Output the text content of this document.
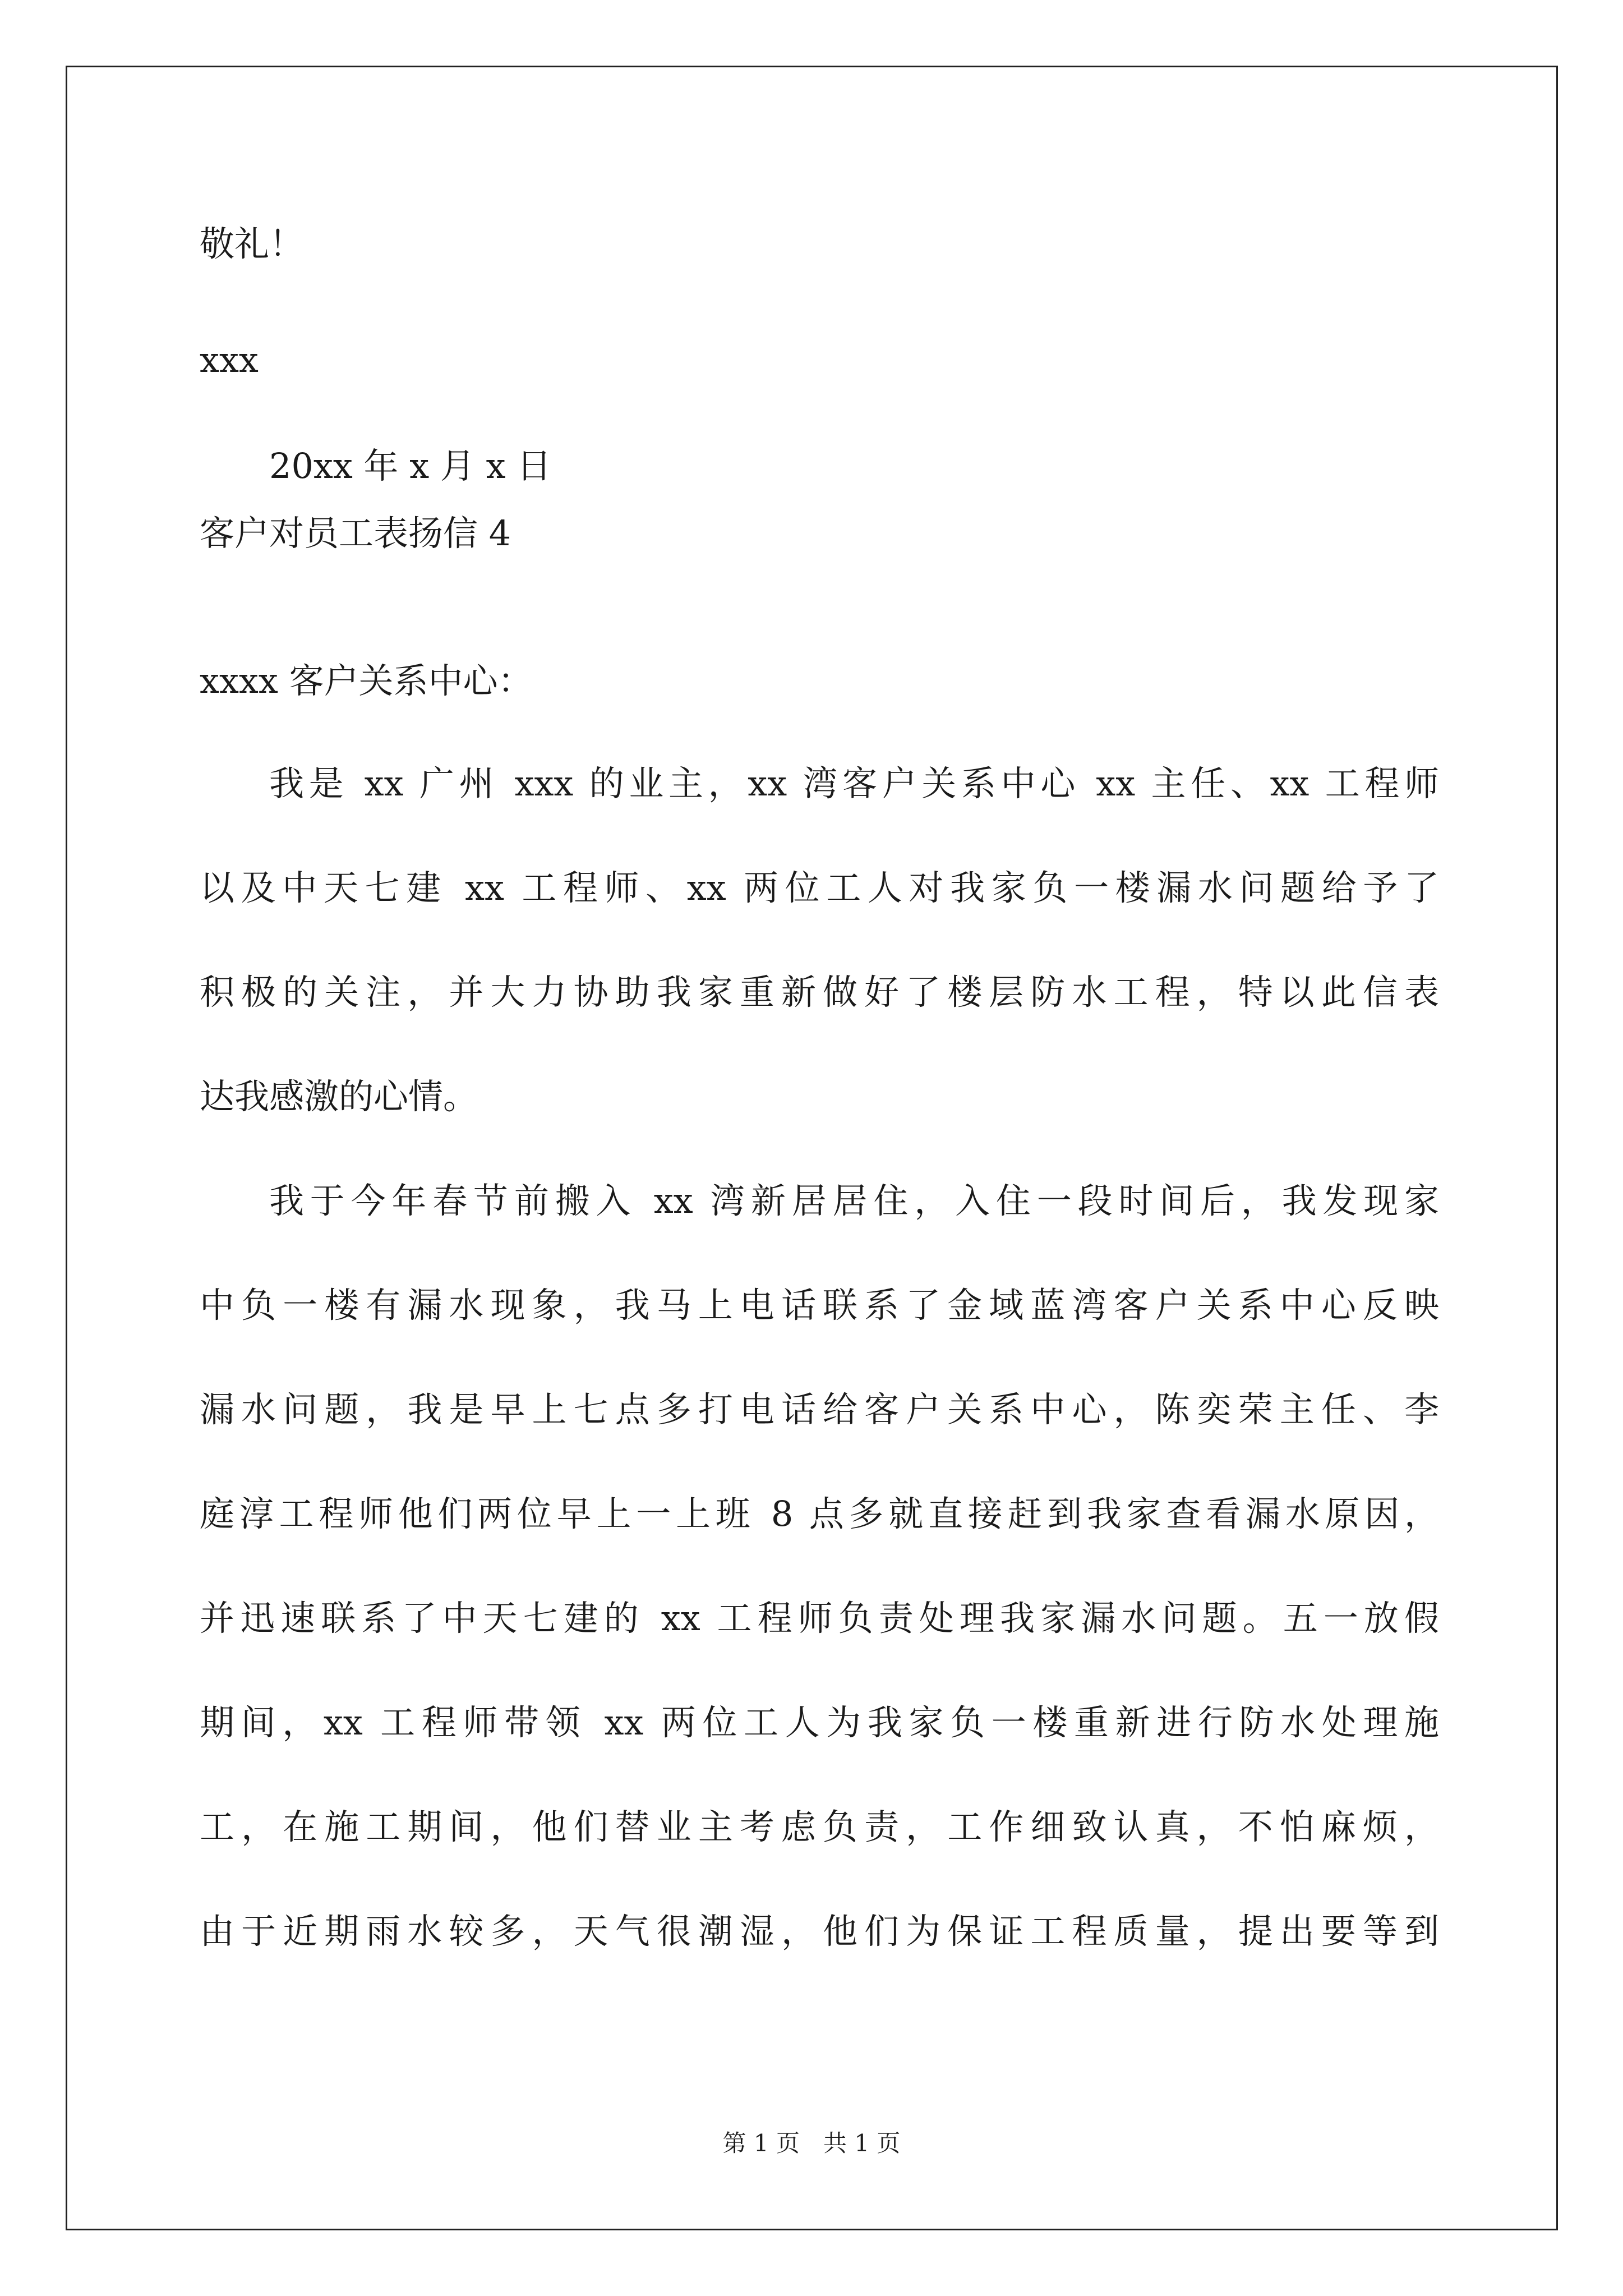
敬礼！
xxx
20xx 年 x 月 x 日
客户对员工表扬信 4
xxxx 客户关系中心：
我是 xx 广州 xxx 的业主，xx 湾客户关系中心 xx 主任、xx 工程师
以及中天七建 xx 工程师、xx 两位工人对我家负一楼漏水问题给予了
积极的关注，并大力协助我家重新做好了楼层防水工程，特以此信表
达我感激的心情。
我于今年春节前搬入 xx 湾新居居住，入住一段时间后，我发现家
中负一楼有漏水现象，我马上电话联系了金域蓝湾客户关系中心反映
漏水问题，我是早上七点多打电话给客户关系中心，陈奕荣主任、李
庭淳工程师他们两位早上一上班 8 点多就直接赶到我家查看漏水原因，
并迅速联系了中天七建的 xx 工程师负责处理我家漏水问题。五一放假
期间，xx 工程师带领 xx 两位工人为我家负一楼重新进行防水处理施
工，在施工期间，他们替业主考虑负责，工作细致认真，不怕麻烦，
由于近期雨水较多，天气很潮湿，他们为保证工程质量，提出要等到
第 1 页　共 1 页
